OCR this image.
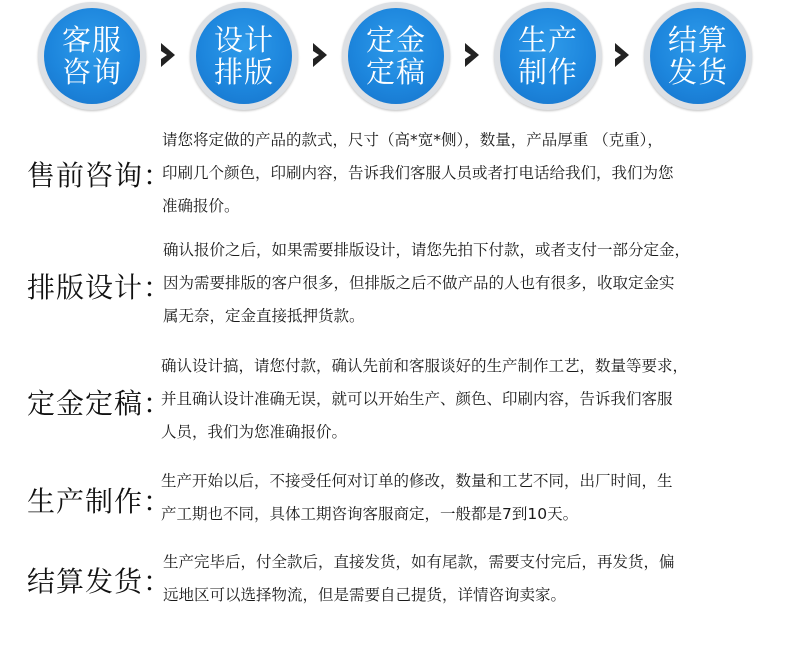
客服咨询
设计排版
定金定稿
生产制作
结算发货
售前咨询：
请您将定做的产品的款式，尺寸（高*宽*侧），数量，产品厚重 （克重），
印刷几个颜色，印刷内容，告诉我们客服人员或者打电话给我们，我们为您
准确报价。
排版设计：
确认报价之后，如果需要排版设计，请您先拍下付款，或者支付一部分定金，
因为需要排版的客户很多，但排版之后不做产品的人也有很多，收取定金实
属无奈，定金直接抵押货款。
定金定稿：
确认设计搞，请您付款，确认先前和客服谈好的生产制作工艺，数量等要求，
并且确认设计准确无误，就可以开始生产、颜色、印刷内容，告诉我们客服
人员，我们为您准确报价。
生产制作：
生产开始以后，不接受任何对订单的修改，数量和工艺不同，出厂时间，生
产工期也不同，具体工期咨询客服商定，一般都是7到10天。
结算发货：
生产完毕后，付全款后，直接发货，如有尾款，需要支付完后，再发货，偏
远地区可以选择物流，但是需要自己提货，详情咨询卖家。
